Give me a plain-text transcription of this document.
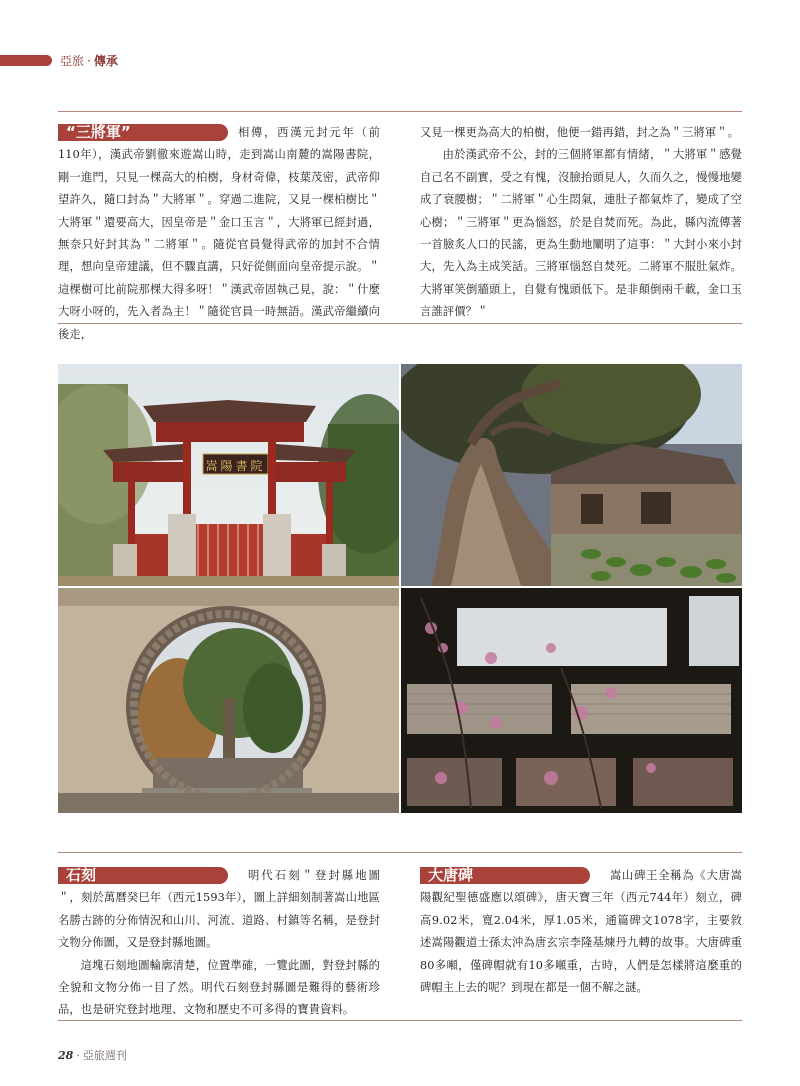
亞旅 · 傳承
“三將軍”	相傳，西漢元封元年（前110年），漢武帝劉徹來遊嵩山時，走到嵩山南麓的嵩陽書院，剛一進門，只見一棵高大的柏樹，身材奇偉，枝葉茂密，武帝仰望許久，隨口封為＂大將軍＂。穿過二進院，又見一棵柏樹比＂大將軍＂還要高大，因皇帝是＂金口玉言＂，大將軍已經封過，無奈只好封其為＂二將軍＂。隨從官員覺得武帝的加封不合情理，想向皇帝建議，但不驟直講，只好從側面向皇帝提示說。＂這棵樹可比前院那棵大得多呀！＂漢武帝固執己見，說：＂什麼大呀小呀的，先入者為主！＂隨從官員一時無語。漢武帝繼續向後走，

又見一棵更為高大的柏樹，他便一錯再錯，封之為＂三將軍＂。

由於漢武帝不公，封的三個將軍都有情緒，＂大將軍＂感覺自己名不副實，受之有愧，沒臉抬頭見人，久而久之，慢慢地變成了衰腰樹；＂二將軍＂心生悶氣，連肚子都氣炸了，變成了空心樹；＂三將軍＂更為惱怒，於是自焚而死。為此，縣內流傳著一首臉炙人口的民謠，更為生動地闡明了這事：＂大封小來小封大，先入為主成笑話。三將軍惱怒自焚死。二將軍不服肚氣炸。大將軍笑倒牆頭上，自覺有愧頭低下。是非顛倒兩千載，金口玉言誰評價？＂

嵩陽書院
石刻	明代石刻＂登封縣地圖＂，刻於萬曆癸巳年（西元1593年），圖上詳細刻制著嵩山地區名勝古跡的分佈情況和山川、河流、道路、村鎮等名稱，是登封文物分佈圖，又是登封縣地圖。

這塊石刻地圖輪廓清楚，位置準確，一覽此圖，對登封縣的全貌和文物分佈一目了然。明代石刻登封縣圖是難得的藝術珍品，也是研究登封地理、文物和歷史不可多得的寶貴資料。

大唐碑	嵩山碑王全稱為《大唐嵩陽觀紀聖德盛應以頌碑》，唐天寶三年（西元744年）刻立，碑高9.02米，寬2.04米，厚1.05米，通篇碑文1078字，主要敘述嵩陽觀道士孫太沖為唐玄宗李隆基煉丹九轉的故事。大唐碑重80多噸，僅碑帽就有10多噸重，古時，人們是怎樣將這麼重的碑帽主上去的呢？到現在都是一個不解之謎。

28 · 亞旅週刊
